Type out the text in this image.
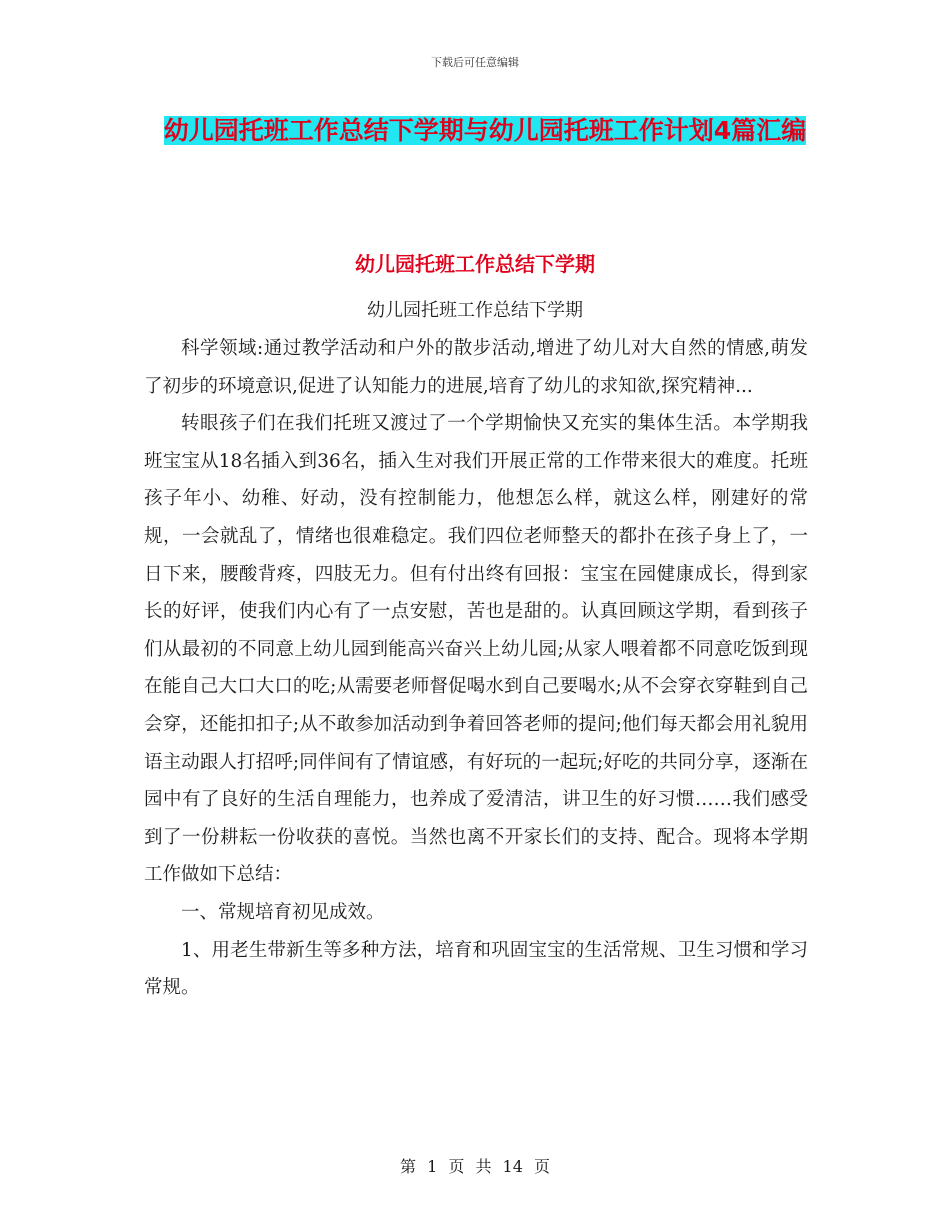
下载后可任意编辑
幼儿园托班工作总结下学期与幼儿园托班工作计划4篇汇编
幼儿园托班工作总结下学期
幼儿园托班工作总结下学期

科学领域:通过教学活动和户外的散步活动,增进了幼儿对大自然的情感,萌发了初步的环境意识,促进了认知能力的进展,培育了幼儿的求知欲,探究精神...

转眼孩子们在我们托班又渡过了一个学期愉快又充实的集体生活。本学期我班宝宝从18名插入到36名，插入生对我们开展正常的工作带来很大的难度。托班孩子年小、幼稚、好动，没有控制能力，他想怎么样，就这么样，刚建好的常规，一会就乱了，情绪也很难稳定。我们四位老师整天的都扑在孩子身上了，一日下来，腰酸背疼，四肢无力。但有付出终有回报：宝宝在园健康成长，得到家长的好评，使我们内心有了一点安慰，苦也是甜的。认真回顾这学期，看到孩子们从最初的不同意上幼儿园到能高兴奋兴上幼儿园;从家人喂着都不同意吃饭到现在能自己大口大口的吃;从需要老师督促喝水到自己要喝水;从不会穿衣穿鞋到自己会穿，还能扣扣子;从不敢参加活动到争着回答老师的提问;他们每天都会用礼貌用语主动跟人打招呼;同伴间有了情谊感，有好玩的一起玩;好吃的共同分享，逐渐在园中有了良好的生活自理能力，也养成了爱清洁，讲卫生的好习惯……我们感受到了一份耕耘一份收获的喜悦。当然也离不开家长们的支持、配合。现将本学期工作做如下总结：

一、常规培育初见成效。

1、用老生带新生等多种方法，培育和巩固宝宝的生活常规、卫生习惯和学习常规。

第 1 页 共 14 页
